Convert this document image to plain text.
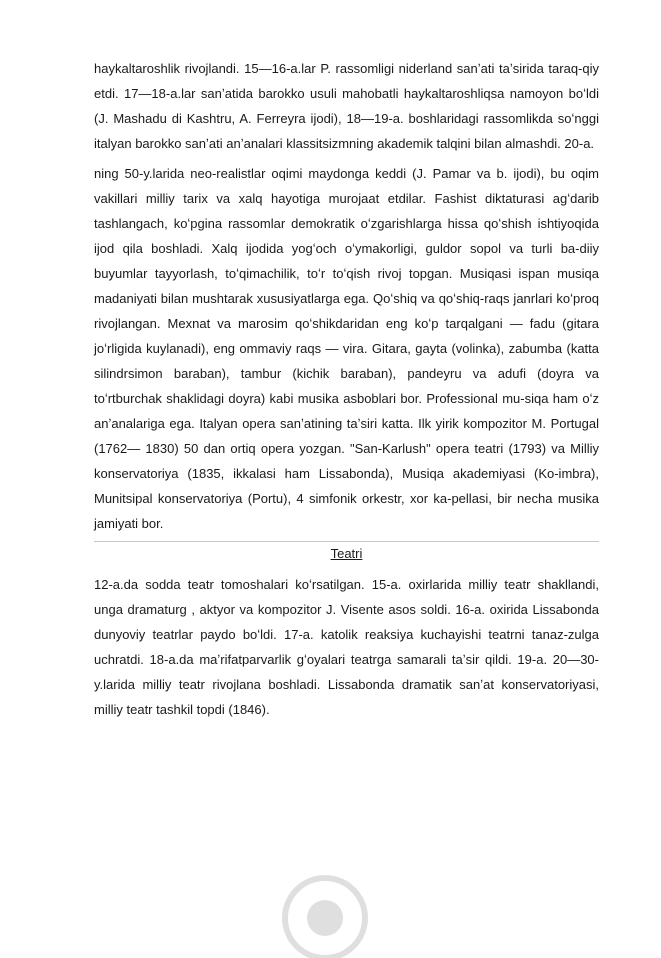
haykaltaroshlik rivojlandi. 15—16-a.lar P. rassomligi niderland sanʼati taʼsirida taraq-qiy etdi. 17—18-a.lar sanʼatida barokko usuli mahobatli haykaltaroshliqsa namoyon boʻldi (J. Mashadu di Kashtru, A. Ferreyra ijodi), 18—19-a. boshlaridagi rassomlikda soʻnggi italyan barokko sanʼati anʼanalari klassitsizmning akademik talqini bilan almashdi. 20-a.

ning 50-y.larida neo-realistlar oqimi maydonga keddi (J. Pamar va b. ijodi), bu oqim vakillari milliy tarix va xalq hayotiga murojaat etdilar. Fashist diktaturasi agʻdarib tashlangach, koʻpgina rassomlar demokratik oʻzgarishlarga hissa qoʻshish ishtiyoqida ijod qila boshladi. Xalq ijodida yogʻoch oʻymakorligi, guldor sopol va turli ba-diiy buyumlar tayyorlash, toʻqimachilik, toʻr toʻqish rivoj topgan. Musiqasi ispan musiqa madaniyati bilan mushtarak xususiyatlarga ega. Qoʻshiq va qoʻshiq-raqs janrlari koʻproq rivojlangan. Mexnat va marosim qoʻshikdaridan eng koʻp tarqalgani — fadu (gitara joʻrligida kuylanadi), eng ommaviy raqs — vira. Gitara, gayta (volinka), zabumba (katta silindrsimon baraban), tambur (kichik baraban), pandeyru va adufi (doyra va toʻrtburchak shaklidagi doyra) kabi musika asboblari bor. Professional mu-siqa ham oʻz anʼanalariga ega. Italyan opera sanʼatining taʼsiri katta. Ilk yirik kompozitor M. Portugal (1762— 1830) 50 dan ortiq opera yozgan. "San-Karlush" opera teatri (1793) va Milliy konservatoriya (1835, ikkalasi ham Lissabonda), Musiqa akademiyasi (Ko-imbra), Munitsipal konservatoriya (Portu), 4 simfonik orkestr, xor ka-pellasi, bir necha musika jamiyati bor.

Teatri

12-a.da sodda teatr tomoshalari koʻrsatilgan. 15-a. oxirlarida milliy teatr shakllandi, unga dramaturg , aktyor va kompozitor J. Visente asos soldi. 16-a. oxirida Lissabonda dunyoviy teatrlar paydo boʻldi. 17-a. katolik reaksiya kuchayishi teatrni tanaz-zulga uchratdi. 18-a.da maʼrifatparvarlik gʻoyalari teatrga samarali taʼsir qildi. 19-a. 20—30-y.larida milliy teatr rivojlana boshladi. Lissabonda dramatik sanʼat konservatoriyasi, milliy teatr tashkil topdi (1846).
